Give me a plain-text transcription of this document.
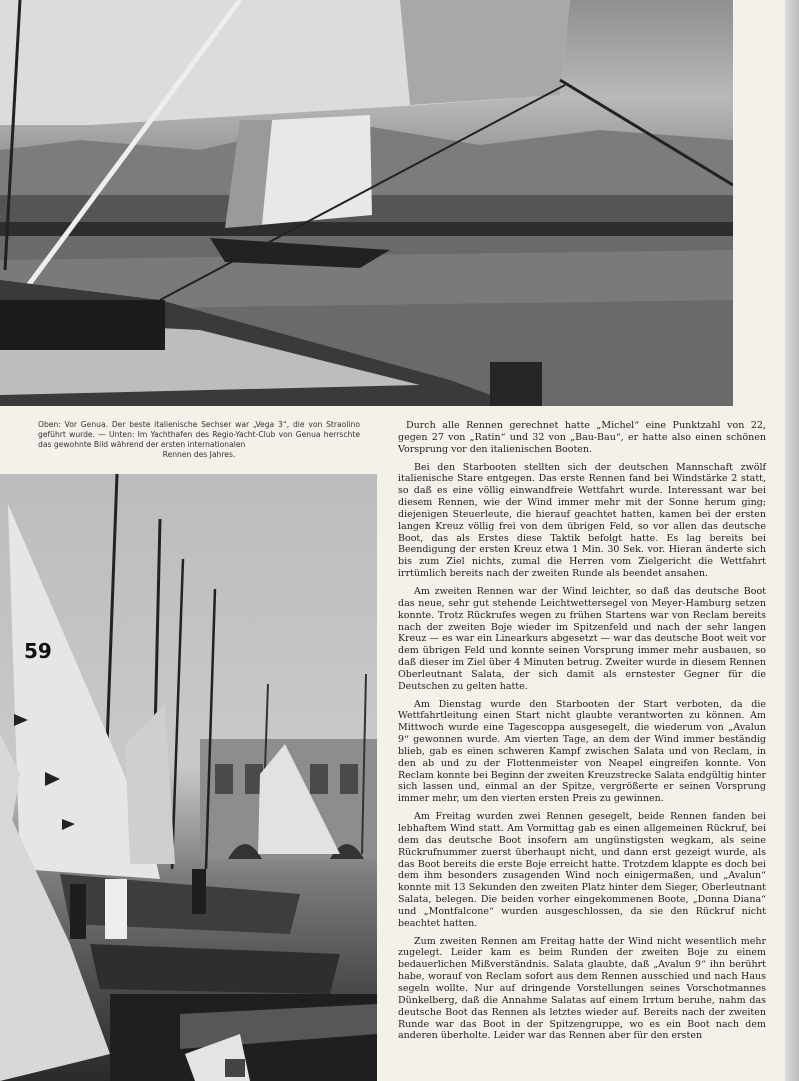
Oben: Vor Genua. Der beste italienische Sechser war „Vega 3“, die von Straolino geführt wurde. — Unten: Im Yachthafen des Regio-Yacht-Club von Genua herrschte das gewohnte Bild während der ersten internationalen
Rennen des Jahres.
59

Durch alle Rennen gerechnet hatte „Michel“ eine Punktzahl von 22, gegen 27 von „Ratin“ und 32 von „Bau-Bau“, er hatte also einen schönen Vorsprung vor den italienischen Booten.

Bei den Starbooten stellten sich der deutschen Mannschaft zwölf italienische Stare entgegen. Das erste Rennen fand bei Windstärke 2 statt, so daß es eine völlig einwandfreie Wettfahrt wurde. Interessant war bei diesem Rennen, wie der Wind immer mehr mit der Sonne herum ging; diejenigen Steuerleute, die hierauf geachtet hatten, kamen bei der ersten langen Kreuz völlig frei von dem übrigen Feld, so vor allen das deutsche Boot, das als Erstes diese Taktik befolgt hatte. Es lag bereits bei Beendigung der ersten Kreuz etwa 1 Min. 30 Sek. vor. Hieran änderte sich bis zum Ziel nichts, zumal die Herren vom Zielgericht die Wettfahrt irrtümlich bereits nach der zweiten Runde als beendet ansahen.

Am zweiten Rennen war der Wind leichter, so daß das deutsche Boot das neue, sehr gut stehende Leichtwettersegel von Meyer-Hamburg setzen konnte. Trotz Rückrufes wegen zu frühen Startens war von Reclam bereits nach der zweiten Boje wieder im Spitzenfeld und nach der sehr langen Kreuz — es war ein Linearkurs abgesetzt — war das deutsche Boot weit vor dem übrigen Feld und konnte seinen Vorsprung immer mehr ausbauen, so daß dieser im Ziel über 4 Minuten betrug. Zweiter wurde in diesem Rennen Oberleutnant Salata, der sich damit als ernstester Gegner für die Deutschen zu gelten hatte.

Am Dienstag wurde den Starbooten der Start verboten, da die Wettfahrtleitung einen Start nicht glaubte verantworten zu können. Am Mittwoch wurde eine Tagescoppa ausgesegelt, die wiederum von „Avalun 9“ gewonnen wurde. Am vierten Tage, an dem der Wind immer beständig blieb, gab es einen schweren Kampf zwischen Salata und von Reclam, in den ab und zu der Flottenmeister von Neapel eingreifen konnte. Von Reclam konnte bei Beginn der zweiten Kreuzstrecke Salata endgültig hinter sich lassen und, einmal an der Spitze, vergrößerte er seinen Vorsprung immer mehr, um den vierten ersten Preis zu gewinnen.

Am Freitag wurden zwei Rennen gesegelt, beide Rennen fanden bei lebhaftem Wind statt. Am Vormittag gab es einen allgemeinen Rückruf, bei dem das deutsche Boot insofern am ungünstigsten wegkam, als seine Rückrufnummer zuerst überhaupt nicht, und dann erst gezeigt wurde, als das Boot bereits die erste Boje erreicht hatte. Trotzdem klappte es doch bei dem ihm besonders zusagenden Wind noch einigermaßen, und „Avalun“ konnte mit 13 Sekunden den zweiten Platz hinter dem Sieger, Oberleutnant Salata, belegen. Die beiden vorher eingekommenen Boote, „Donna Diana“ und „Montfalcone“ wurden ausgeschlossen, da sie den Rückruf nicht beachtet hatten.

Zum zweiten Rennen am Freitag hatte der Wind nicht wesentlich mehr zugelegt. Leider kam es beim Runden der zweiten Boje zu einem bedauerlichen Mißverständnis. Salata glaubte, daß „Avalun 9“ ihn berührt habe, worauf von Reclam sofort aus dem Rennen ausschied und nach Haus segeln wollte. Nur auf dringende Vorstellungen seines Vorschotmannes Dünkelberg, daß die Annahme Salatas auf einem Irrtum beruhe, nahm das deutsche Boot das Rennen als letztes wieder auf. Bereits nach der zweiten Runde war das Boot in der Spitzengruppe, wo es ein Boot nach dem anderen überholte. Leider war das Rennen aber für den ersten
